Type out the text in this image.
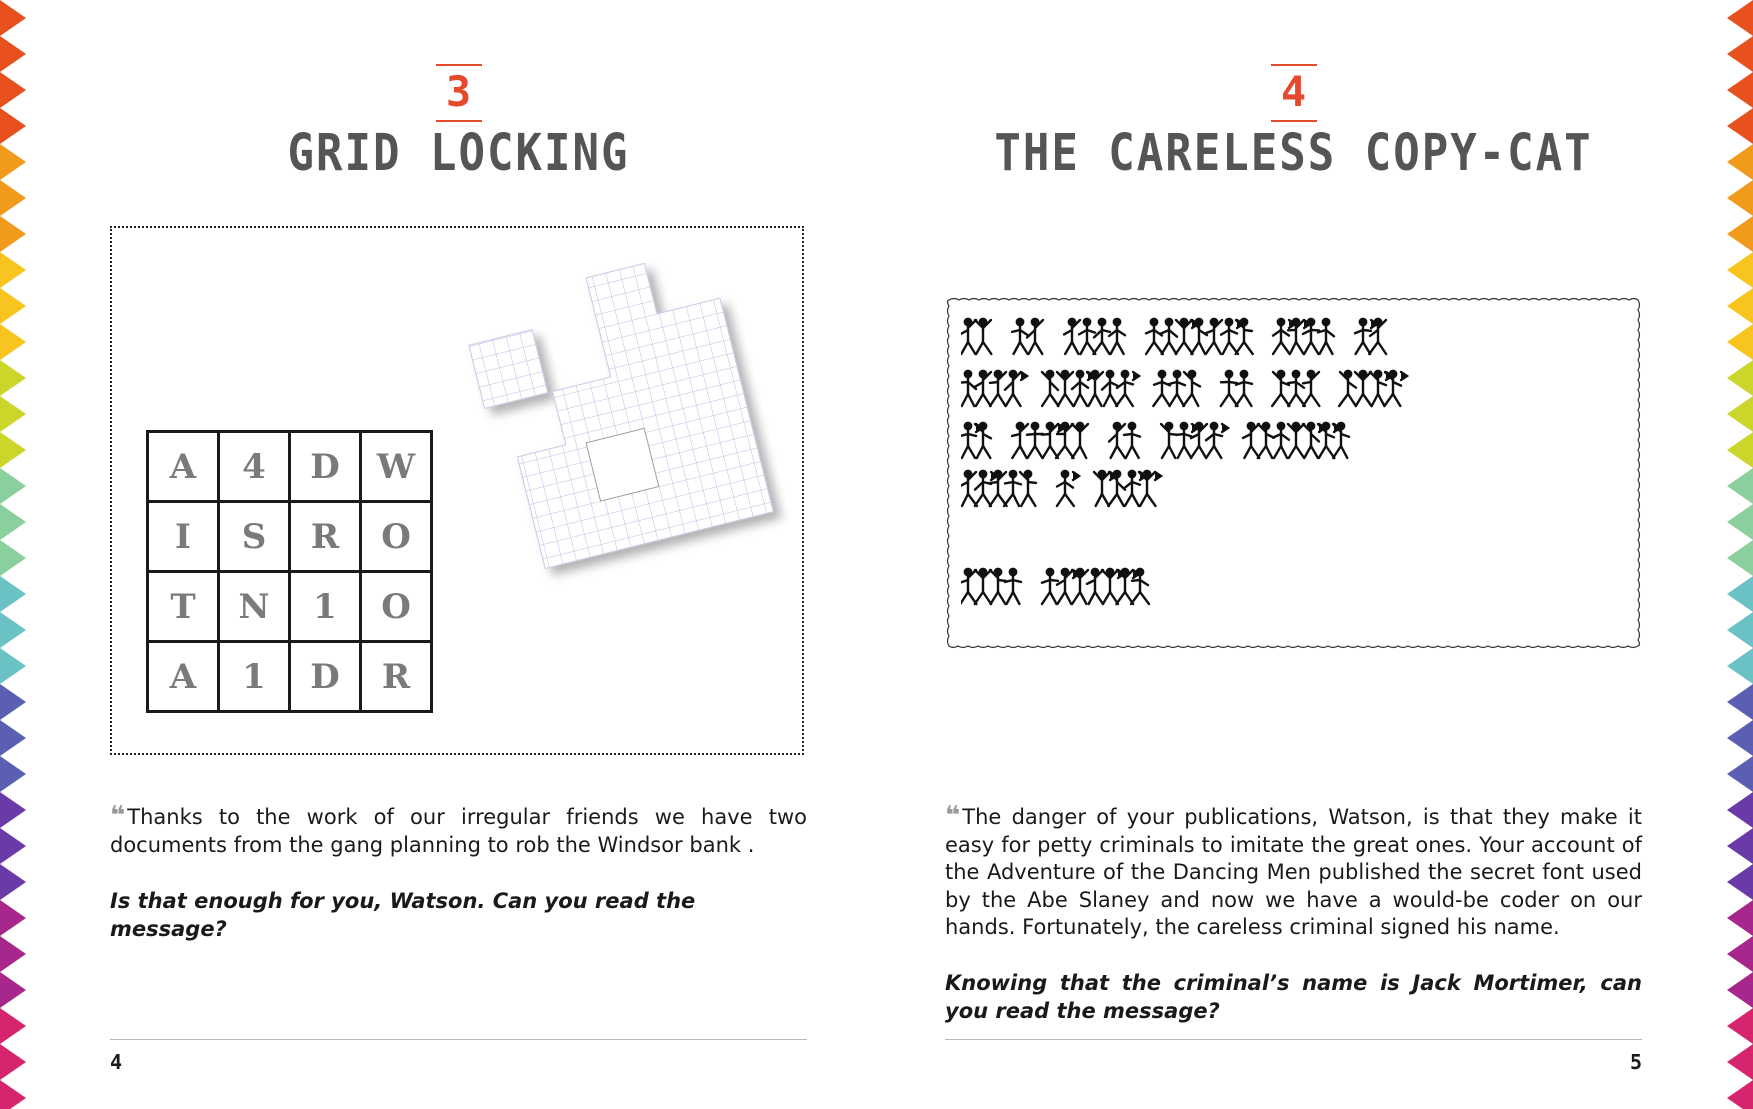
3
GRID LOCKING
A	4	D	W
I	S	R	O
T	N	1	O
A	1	D	R
❝ Thanks to the work of our irregular friends we have two documents from the gang planning to rob the Windsor bank .
Is that enough for you, Watson. Can you read the message?
4
4
THE CARELESS COPY-CAT
❝ The danger of your publications, Watson, is that they make it easy for petty criminals to imitate the great ones. Your account of the Adventure of the Dancing Men published the secret font used by the Abe Slaney and now we have a would-be coder on our hands. Fortunately, the careless criminal signed his name.
Knowing that the criminal’s name is Jack Mortimer, can you read the message?
5
